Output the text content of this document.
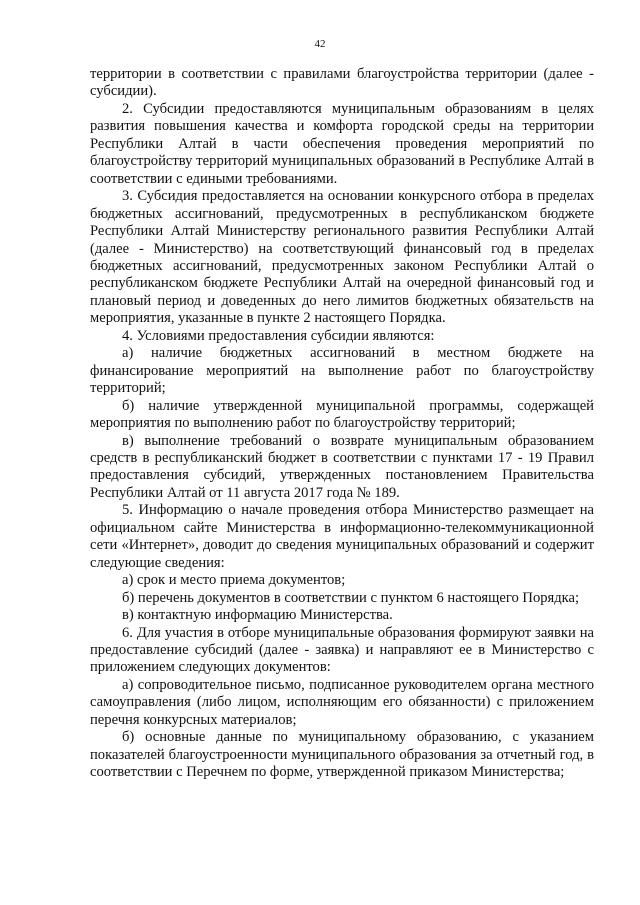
42

территории в соответствии с правилами благоустройства территории (далее - субсидии).

2. Субсидии предоставляются муниципальным образованиям в целях развития повышения качества и комфорта городской среды на территории Республики Алтай в части обеспечения проведения мероприятий по благоустройству территорий муниципальных образований в Республике Алтай в соответствии с едиными требованиями.

3. Субсидия предоставляется на основании конкурсного отбора в пределах бюджетных ассигнований, предусмотренных в республиканском бюджете Республики Алтай Министерству регионального развития Республики Алтай (далее - Министерство) на соответствующий финансовый год в пределах бюджетных ассигнований, предусмотренных законом Республики Алтай о республиканском бюджете Республики Алтай на очередной финансовый год и плановый период и доведенных до него лимитов бюджетных обязательств на мероприятия, указанные в пункте 2 настоящего Порядка.

4. Условиями предоставления субсидии являются:

а) наличие бюджетных ассигнований в местном бюджете на финансирование мероприятий на выполнение работ по благоустройству территорий;

б) наличие утвержденной муниципальной программы, содержащей мероприятия по выполнению работ по благоустройству территорий;

в) выполнение требований о возврате муниципальным образованием средств в республиканский бюджет в соответствии с пунктами 17 - 19 Правил предоставления субсидий, утвержденных постановлением Правительства Республики Алтай от 11 августа 2017 года № 189.

5. Информацию о начале проведения отбора Министерство размещает на официальном сайте Министерства в информационно-телекоммуникационной сети «Интернет», доводит до сведения муниципальных образований и содержит следующие сведения:

а) срок и место приема документов;

б) перечень документов в соответствии с пунктом 6 настоящего Порядка;

в) контактную информацию Министерства.

6. Для участия в отборе муниципальные образования формируют заявки на предоставление субсидий (далее - заявка) и направляют ее в Министерство с приложением следующих документов:

а) сопроводительное письмо, подписанное руководителем органа местного самоуправления (либо лицом, исполняющим его обязанности) с приложением перечня конкурсных материалов;

б) основные данные по муниципальному образованию, с указанием показателей благоустроенности муниципального образования за отчетный год, в соответствии с Перечнем по форме, утвержденной приказом Министерства;
